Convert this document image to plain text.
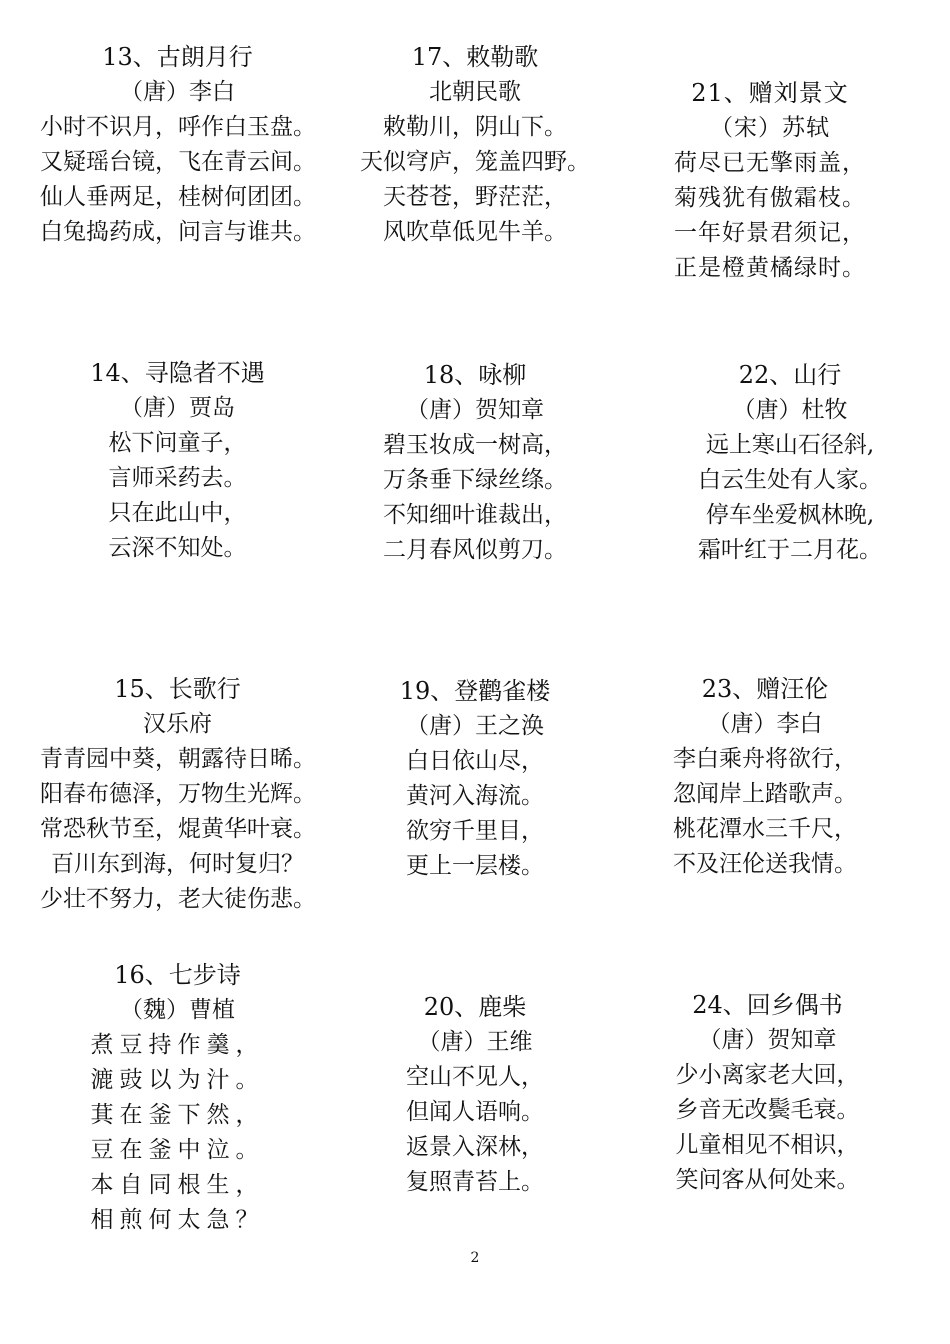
13、古朗月行
（唐）李白
小时不识月，呼作白玉盘。
又疑瑶台镜，飞在青云间。
仙人垂两足，桂树何团团。
白兔捣药成，问言与谁共。
14、寻隐者不遇
（唐）贾岛
松下问童子，
言师采药去。
只在此山中，
云深不知处。
15、长歌行
汉乐府
青青园中葵，朝露待日晞。
阳春布德泽，万物生光辉。
常恐秋节至，焜黄华叶衰。
百川东到海，何时复归？
少壮不努力，老大徒伤悲。
16、七步诗
（魏）曹植
煮豆持作羹，
漉豉以为汁。
萁在釜下然，
豆在釜中泣。
本自同根生，
相煎何太急？
17、敕勒歌
北朝民歌
敕勒川，阴山下。
天似穹庐，笼盖四野。
天苍苍，野茫茫，
风吹草低见牛羊。
18、咏柳
（唐）贺知章
碧玉妆成一树高，
万条垂下绿丝绦。
不知细叶谁裁出，
二月春风似剪刀。
19、登鹳雀楼
（唐）王之涣
白日依山尽，
黄河入海流。
欲穷千里目，
更上一层楼。
20、鹿柴
（唐）王维
空山不见人，
但闻人语响。
返景入深林，
复照青苔上。
21、赠刘景文
（宋）苏轼
荷尽已无擎雨盖，
菊残犹有傲霜枝。
一年好景君须记，
正是橙黄橘绿时。
22、山行
（唐）杜牧
远上寒山石径斜,
白云生处有人家。
停车坐爱枫林晚,
霜叶红于二月花。
23、赠汪伦
（唐）李白
李白乘舟将欲行，
忽闻岸上踏歌声。
桃花潭水三千尺，
不及汪伦送我情。
24、回乡偶书
（唐）贺知章
少小离家老大回，
乡音无改鬓毛衰。
儿童相见不相识，
笑问客从何处来。
2
